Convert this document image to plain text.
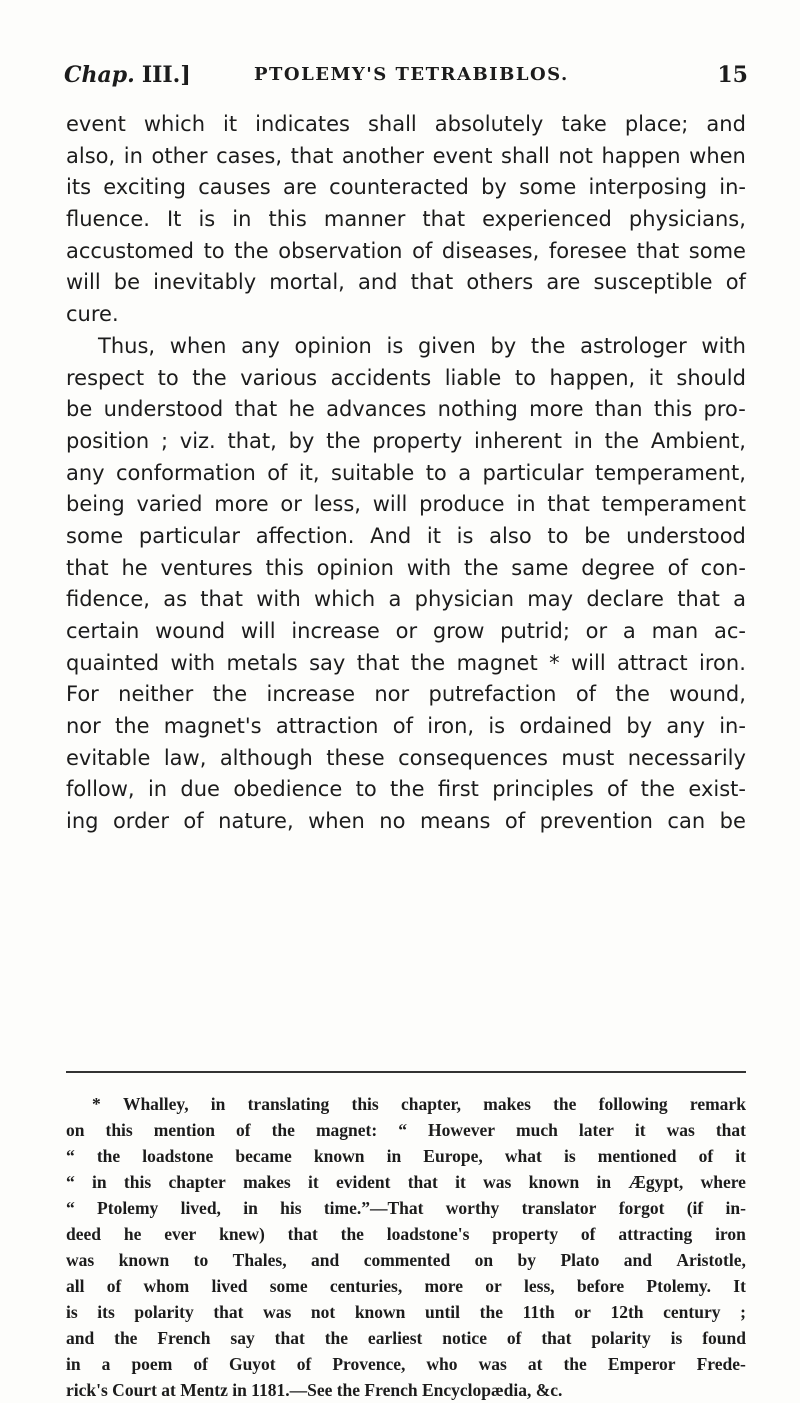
Chap. III.]	PTOLEMY'S TETRABIBLOS.	15
event which it indicates shall absolutely take place; and
also, in other cases, that another event shall not happen when
its exciting causes are counteracted by some interposing in-
fluence. It is in this manner that experienced physicians,
accustomed to the observation of diseases, foresee that some
will be inevitably mortal, and that others are susceptible of
cure.
Thus, when any opinion is given by the astrologer with
respect to the various accidents liable to happen, it should
be understood that he advances nothing more than this pro-
position ; viz. that, by the property inherent in the Ambient,
any conformation of it, suitable to a particular temperament,
being varied more or less, will produce in that temperament
some particular affection. And it is also to be understood
that he ventures this opinion with the same degree of con-
fidence, as that with which a physician may declare that a
certain wound will increase or grow putrid; or a man ac-
quainted with metals say that the magnet * will attract iron.
For neither the increase nor putrefaction of the wound,
nor the magnet's attraction of iron, is ordained by any in-
evitable law, although these consequences must necessarily
follow, in due obedience to the first principles of the exist-
ing order of nature, when no means of prevention can be
* Whalley, in translating this chapter, makes the following remark
on this mention of the magnet: “ However much later it was that
“ the loadstone became known in Europe, what is mentioned of it
“ in this chapter makes it evident that it was known in Ægypt, where
“ Ptolemy lived, in his time.”—That worthy translator forgot (if in-
deed he ever knew) that the loadstone's property of attracting iron
was known to Thales, and commented on by Plato and Aristotle,
all of whom lived some centuries, more or less, before Ptolemy. It
is its polarity that was not known until the 11th or 12th century ;
and the French say that the earliest notice of that polarity is found
in a poem of Guyot of Provence, who was at the Emperor Frede-
rick's Court at Mentz in 1181.—See the French Encyclopædia, &c.
